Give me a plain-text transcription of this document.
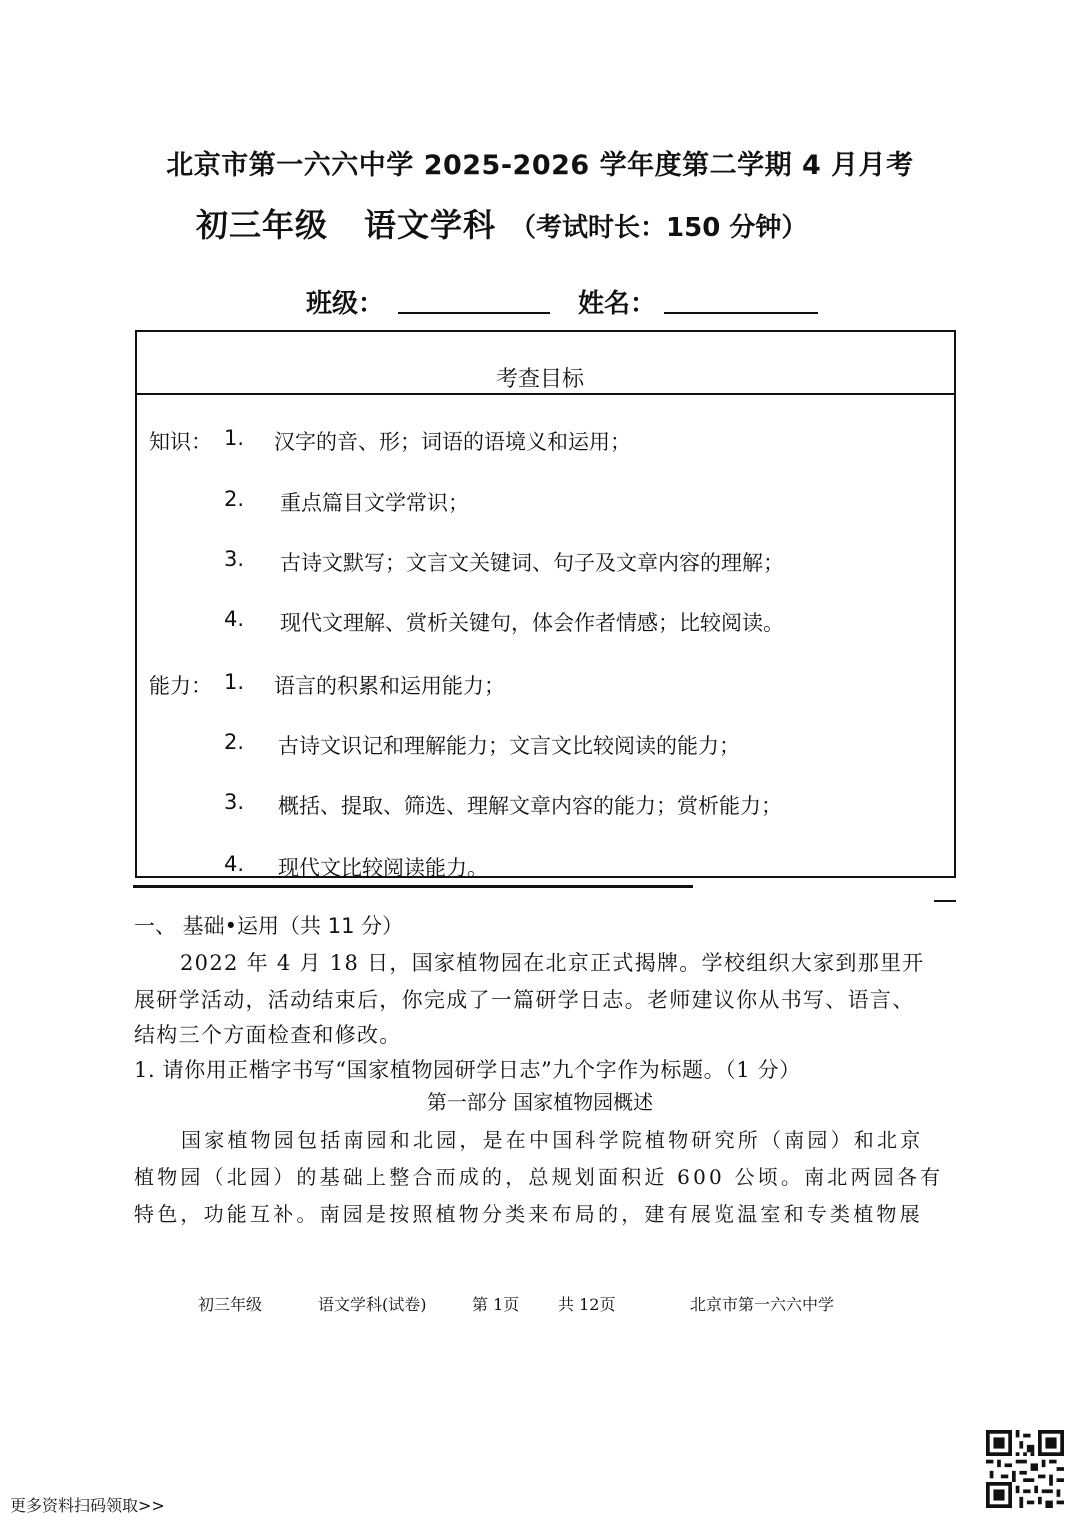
北京市第一六六中学 2025-2026 学年度第二学期 4 月月考
初三年级 语文学科 （考试时长：150 分钟）
班级：	姓名：
考查目标
知识： 1. 汉字的音、形；词语的语境义和运用；
2. 重点篇目文学常识；
3. 古诗文默写；文言文关键词、句子及文章内容的理解；
4. 现代文理解、赏析关键句，体会作者情感；比较阅读。
能力： 1. 语言的积累和运用能力；
2. 古诗文识记和理解能力；文言文比较阅读的能力；
3. 概括、提取、筛选、理解文章内容的能力；赏析能力；
4. 现代文比较阅读能力。
一、 基础•运用（共 11 分）
2022 年 4 月 18 日，国家植物园在北京正式揭牌。学校组织大家到那里开
展研学活动，活动结束后，你完成了一篇研学日志。老师建议你从书写、语言、
结构三个方面检查和修改。
1. 请你用正楷字书写“国家植物园研学日志”九个字作为标题。（1 分）
第一部分 国家植物园概述
国家植物园包括南园和北园，是在中国科学院植物研究所（南园）和北京
植物园（北园）的基础上整合而成的，总规划面积近 600 公顷。南北两园各有
特色，功能互补。南园是按照植物分类来布局的，建有展览温室和专类植物展
初三年级	语文学科(试卷)	第 1页 共 12页	北京市第一六六中学
更多资料扫码领取>>
